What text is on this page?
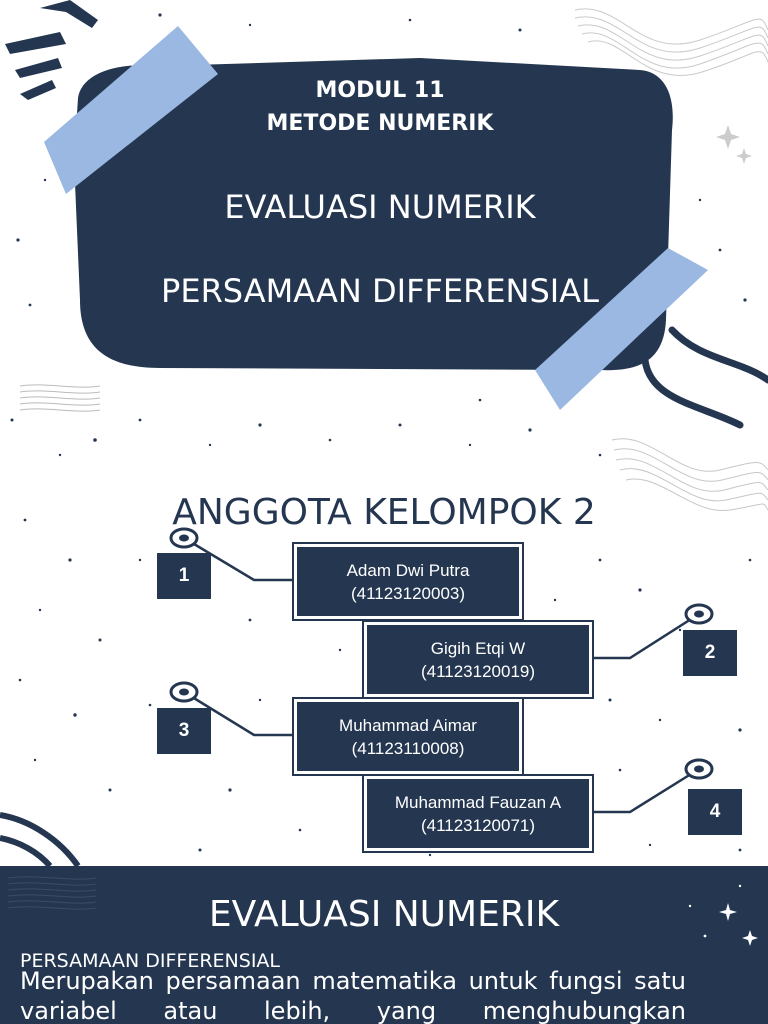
MODUL 11
METODE NUMERIK
EVALUASI NUMERIK
PERSAMAAN DIFFERENSIAL
ANGGOTA KELOMPOK 2
1	Adam Dwi Putra
(41123120003)
2
Gigih Etqi W
(41123120019)
3	Muhammad Aimar
(41123110008)
4
Muhammad Fauzan A
(41123120071)
EVALUASI NUMERIK
PERSAMAAN DIFFERENSIAL
Merupakan persamaan matematika untuk fungsi satu variabel atau lebih, yang menghubungkan
